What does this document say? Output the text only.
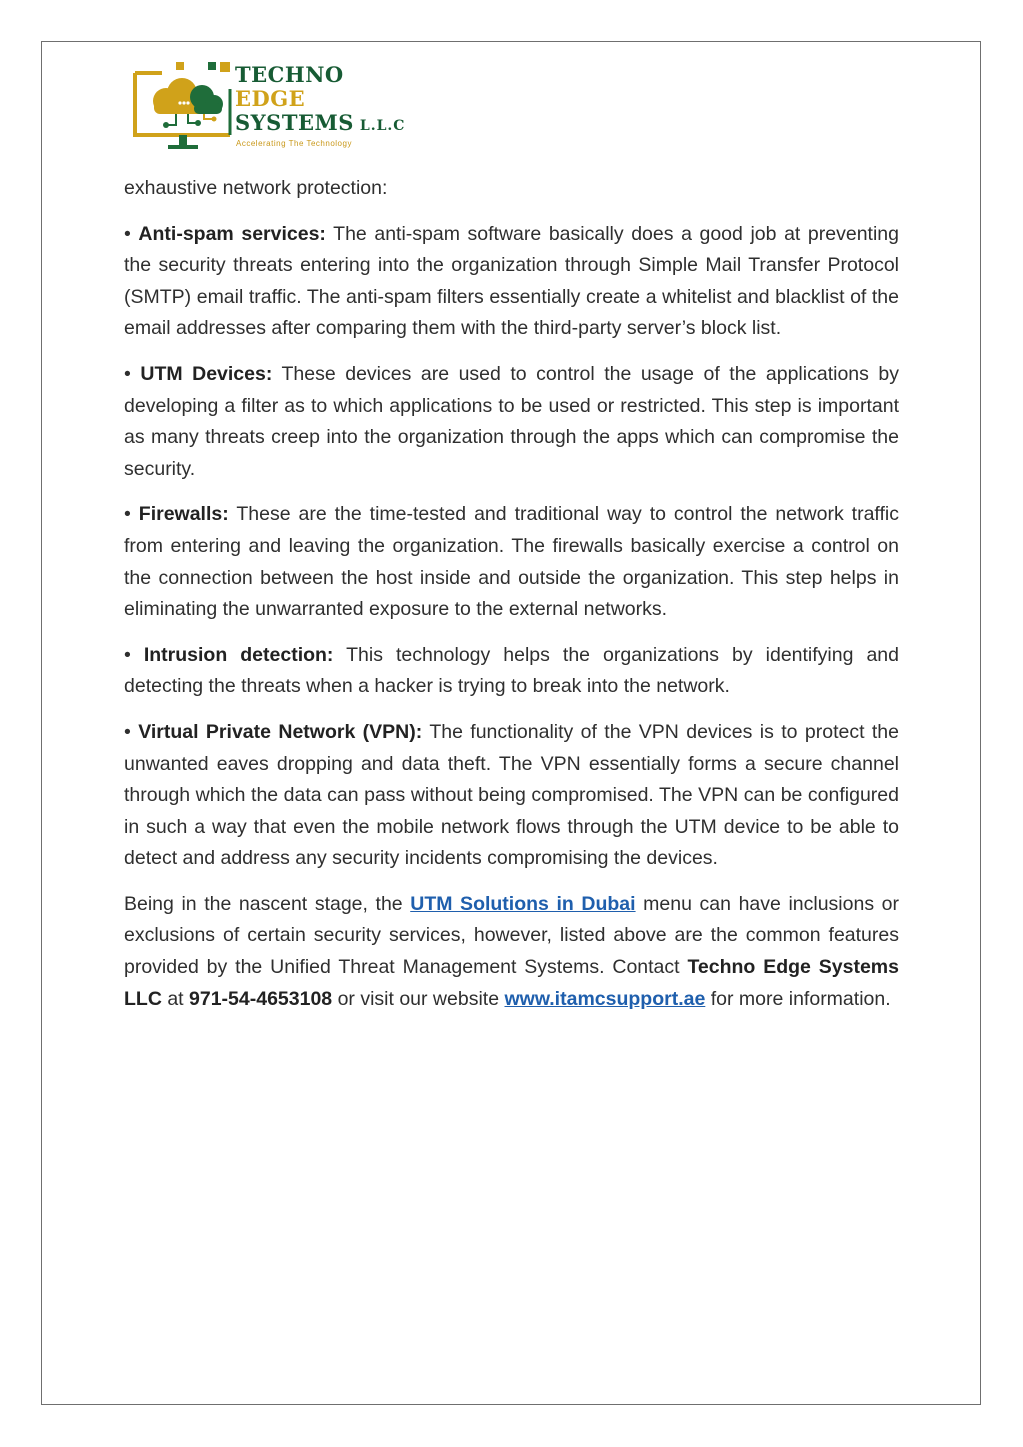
TECHNO
EDGE
SYSTEMS L.L.C
Accelerating The Technology

exhaustive network protection:

• Anti-spam services: The anti-spam software basically does a good job at preventing the security threats entering into the organization through Simple Mail Transfer Protocol (SMTP) email traffic. The anti-spam filters essentially create a whitelist and blacklist of the email addresses after comparing them with the third-party server’s block list.

• UTM Devices: These devices are used to control the usage of the applications by developing a filter as to which applications to be used or restricted. This step is important as many threats creep into the organization through the apps which can compromise the security.

• Firewalls: These are the time-tested and traditional way to control the network traffic from entering and leaving the organization. The firewalls basically exercise a control on the connection between the host inside and outside the organization. This step helps in eliminating the unwarranted exposure to the external networks.

• Intrusion detection: This technology helps the organizations by identifying and detecting the threats when a hacker is trying to break into the network.

• Virtual Private Network (VPN): The functionality of the VPN devices is to protect the unwanted eaves dropping and data theft. The VPN essentially forms a secure channel through which the data can pass without being compromised. The VPN can be configured in such a way that even the mobile network flows through the UTM device to be able to detect and address any security incidents compromising the devices.

Being in the nascent stage, the UTM Solutions in Dubai menu can have inclusions or exclusions of certain security services, however, listed above are the common features provided by the Unified Threat Management Systems. Contact Techno Edge Systems LLC at 971-54-4653108 or visit our website www.itamcsupport.ae for more information.
